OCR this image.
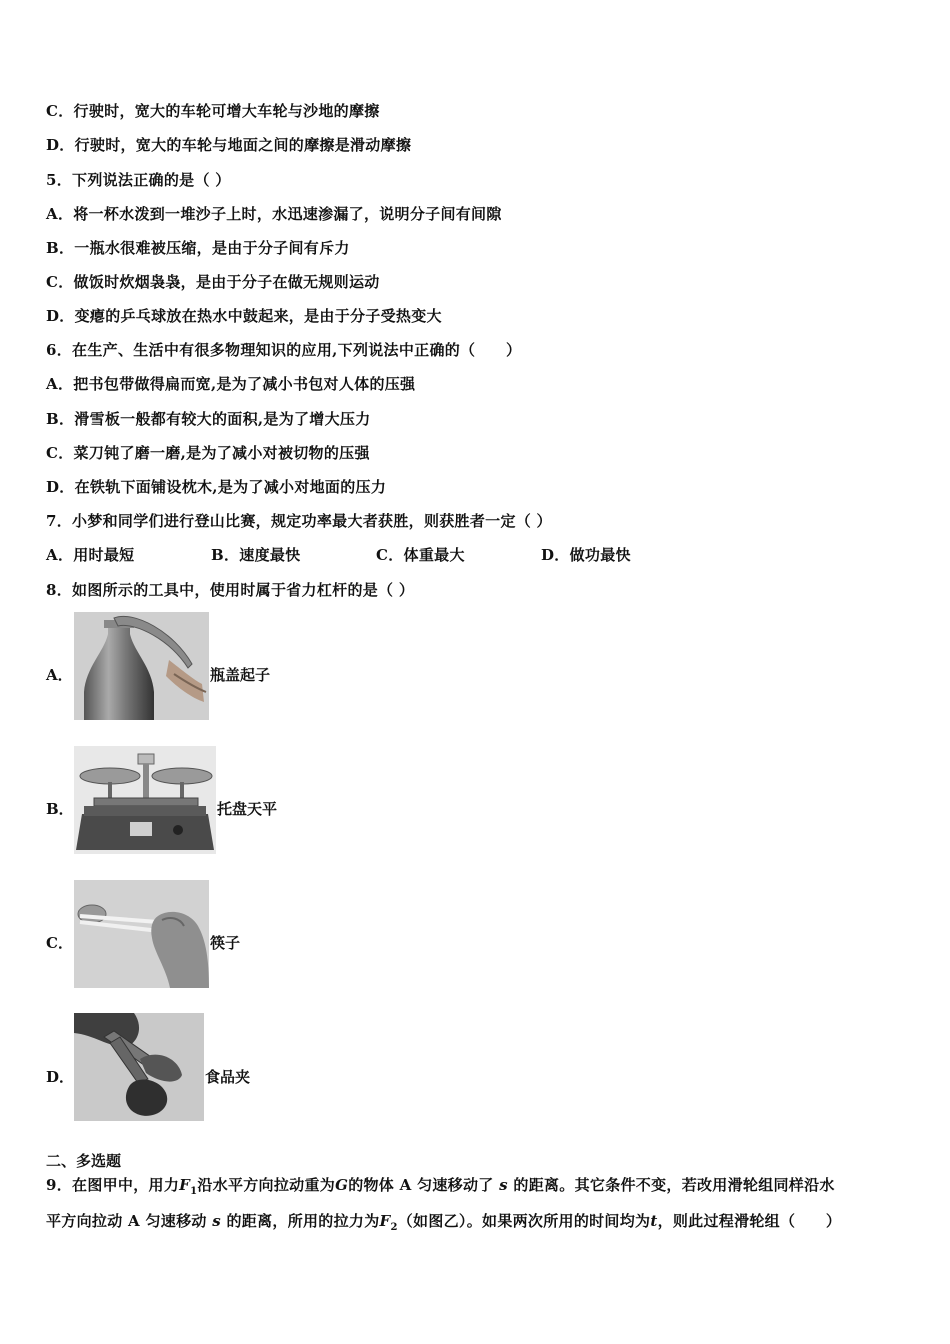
C．行驶时，宽大的车轮可增大车轮与沙地的摩擦
D．行驶时，宽大的车轮与地面之间的摩擦是滑动摩擦
5．下列说法正确的是（ ）
A．将一杯水泼到一堆沙子上时，水迅速渗漏了，说明分子间有间隙
B．一瓶水很难被压缩，是由于分子间有斥力
C．做饭时炊烟袅袅，是由于分子在做无规则运动
D．变瘪的乒乓球放在热水中鼓起来，是由于分子受热变大
6．在生产、生活中有很多物理知识的应用,下列说法中正确的（　　）
A．把书包带做得扁而宽,是为了减小书包对人体的压强
B．滑雪板一般都有较大的面积,是为了增大压力
C．菜刀钝了磨一磨,是为了减小对被切物的压强
D．在铁轨下面铺设枕木,是为了减小对地面的压力
7．小梦和同学们进行登山比赛，规定功率最大者获胜，则获胜者一定（ ）
A．用时最短	B．速度最快	C．体重最大	D．做功最快
8．如图所示的工具中，使用时属于省力杠杆的是（ ）
A．	瓶盖起子
B．	托盘天平
C．	筷子
D．	食品夹
二、多选题
9．在图甲中，用力$F_1$沿水平方向拉动重为G的物体 A 匀速移动了 s 的距离。其它条件不变，若改用滑轮组同样沿水
平方向拉动 A 匀速移动 s 的距离，所用的拉力为$F_2$（如图乙）。如果两次所用的时间均为t，则此过程滑轮组（　　）
